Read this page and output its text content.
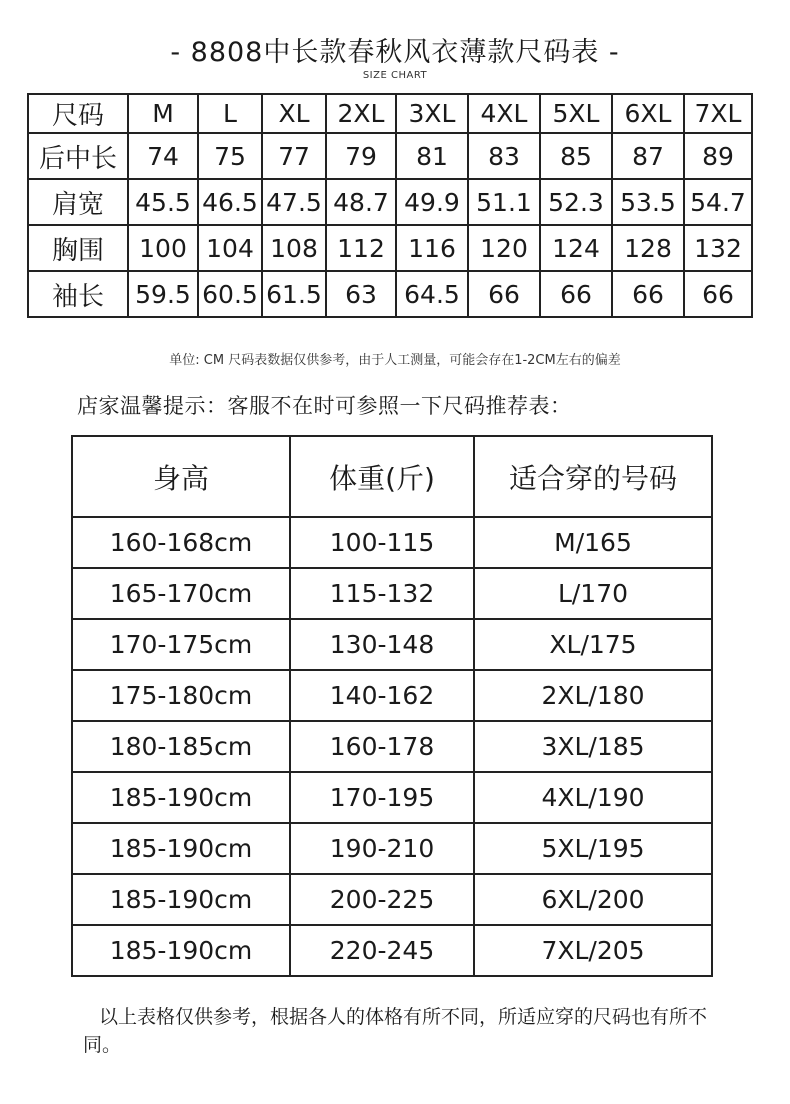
- 8808中长款春秋风衣薄款尺码表 -
SIZE CHART
尺码	M	L	XL	2XL	3XL	4XL	5XL	6XL	7XL
后中长	74	75	77	79	81	83	85	87	89
肩宽	45.5	46.5	47.5	48.7	49.9	51.1	52.3	53.5	54.7
胸围	100	104	108	112	116	120	124	128	132
袖长	59.5	60.5	61.5	63	64.5	66	66	66	66
单位: CM 尺码表数据仅供参考，由于人工测量，可能会存在1-2CM左右的偏差
店家温馨提示：客服不在时可参照一下尺码推荐表：
身高	体重(斤)	适合穿的号码
160-168cm	100-115	M/165
165-170cm	115-132	L/170
170-175cm	130-148	XL/175
175-180cm	140-162	2XL/180
180-185cm	160-178	3XL/185
185-190cm	170-195	4XL/190
185-190cm	190-210	5XL/195
185-190cm	200-225	6XL/200
185-190cm	220-245	7XL/205
以上表格仅供参考，根据各人的体格有所不同，所适应穿的尺码也有所不同。
